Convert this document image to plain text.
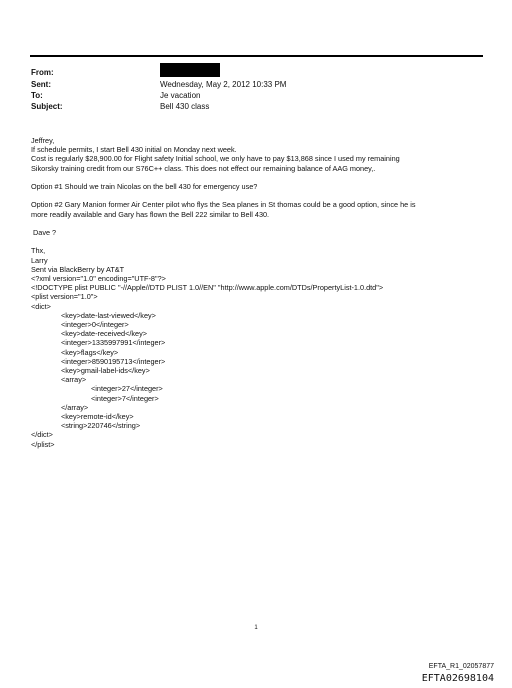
From:
Sent:	Wednesday, May 2, 2012 10:33 PM
To:	Je vacation
Subject:	Bell 430 class

Jeffrey,

If schedule permits, I start Bell 430 initial on Monday next week.

Cost is regularly $28,900.00 for Flight safety Initial school, we only have to pay $13,868 since I used my remaining

Sikorsky training credit from our S76C++ class. This does not effect our remaining balance of AAG money,.

Option #1 Should we train Nicolas on the bell 430 for emergency use?

Option #2 Gary Manion former Air Center pilot who flys the Sea planes in St thomas could be a good option, since he is

more readily available and Gary has flown the Bell 222 similar to Bell 430.

Dave ?

Thx,

Larry

Sent via BlackBerry by AT&T

<?xml version="1.0" encoding="UTF-8"?>

<!DOCTYPE plist PUBLIC "-//Apple//DTD PLIST 1.0//EN" "http://www.apple.com/DTDs/PropertyList-1.0.dtd">

<plist version="1.0">

<dict>

<key>date-last-viewed</key>

<integer>0</integer>

<key>date-received</key>

<integer>1335997991</integer>

<key>flags</key>

<integer>8590195713</integer>

<key>gmail-label-ids</key>

<array>

<integer>27</integer>

<integer>7</integer>

</array>

<key>remote-id</key>

<string>220746</string>

</dict>

</plist>

1
EFTA_R1_02057877
EFTA02698104
